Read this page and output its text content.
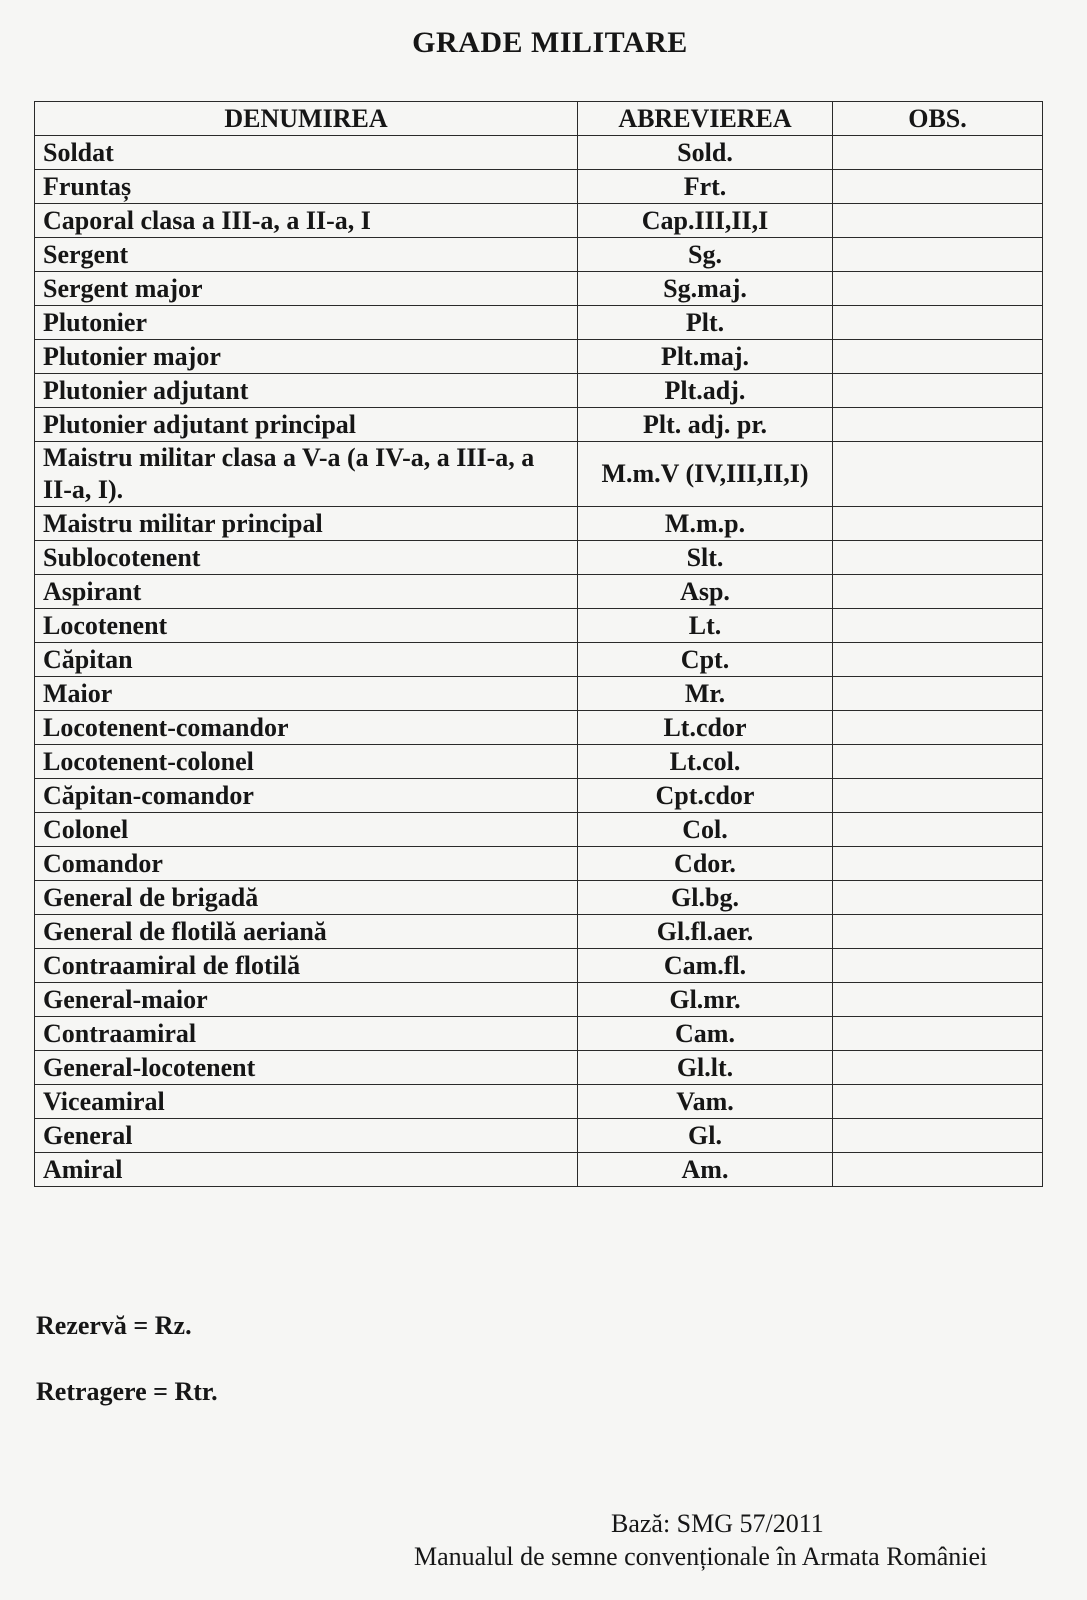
GRADE MILITARE
DENUMIREA	ABREVIEREA	OBS.
Soldat	Sold.	
Fruntaș	Frt.	
Caporal clasa a III-a, a II-a, I	Cap.III,II,I	
Sergent	Sg.	
Sergent major	Sg.maj.	
Plutonier	Plt.	
Plutonier major	Plt.maj.	
Plutonier adjutant	Plt.adj.	
Plutonier adjutant principal	Plt. adj. pr.	
Maistru militar clasa a V-a (a IV-a, a III-a, a II-a, I).	M.m.V (IV,III,II,I)	
Maistru militar principal	M.m.p.	
Sublocotenent	Slt.	
Aspirant	Asp.	
Locotenent	Lt.	
Căpitan	Cpt.	
Maior	Mr.	
Locotenent-comandor	Lt.cdor	
Locotenent-colonel	Lt.col.	
Căpitan-comandor	Cpt.cdor	
Colonel	Col.	
Comandor	Cdor.	
General de brigadă	Gl.bg.	
General de flotilă aeriană	Gl.fl.aer.	
Contraamiral de flotilă	Cam.fl.	
General-maior	Gl.mr.	
Contraamiral	Cam.	
General-locotenent	Gl.lt.	
Viceamiral	Vam.	
General	Gl.	
Amiral	Am.	
Rezervă = Rz.
Retragere = Rtr.
Bază: SMG 57/2011
Manualul de semne convenționale în Armata României
